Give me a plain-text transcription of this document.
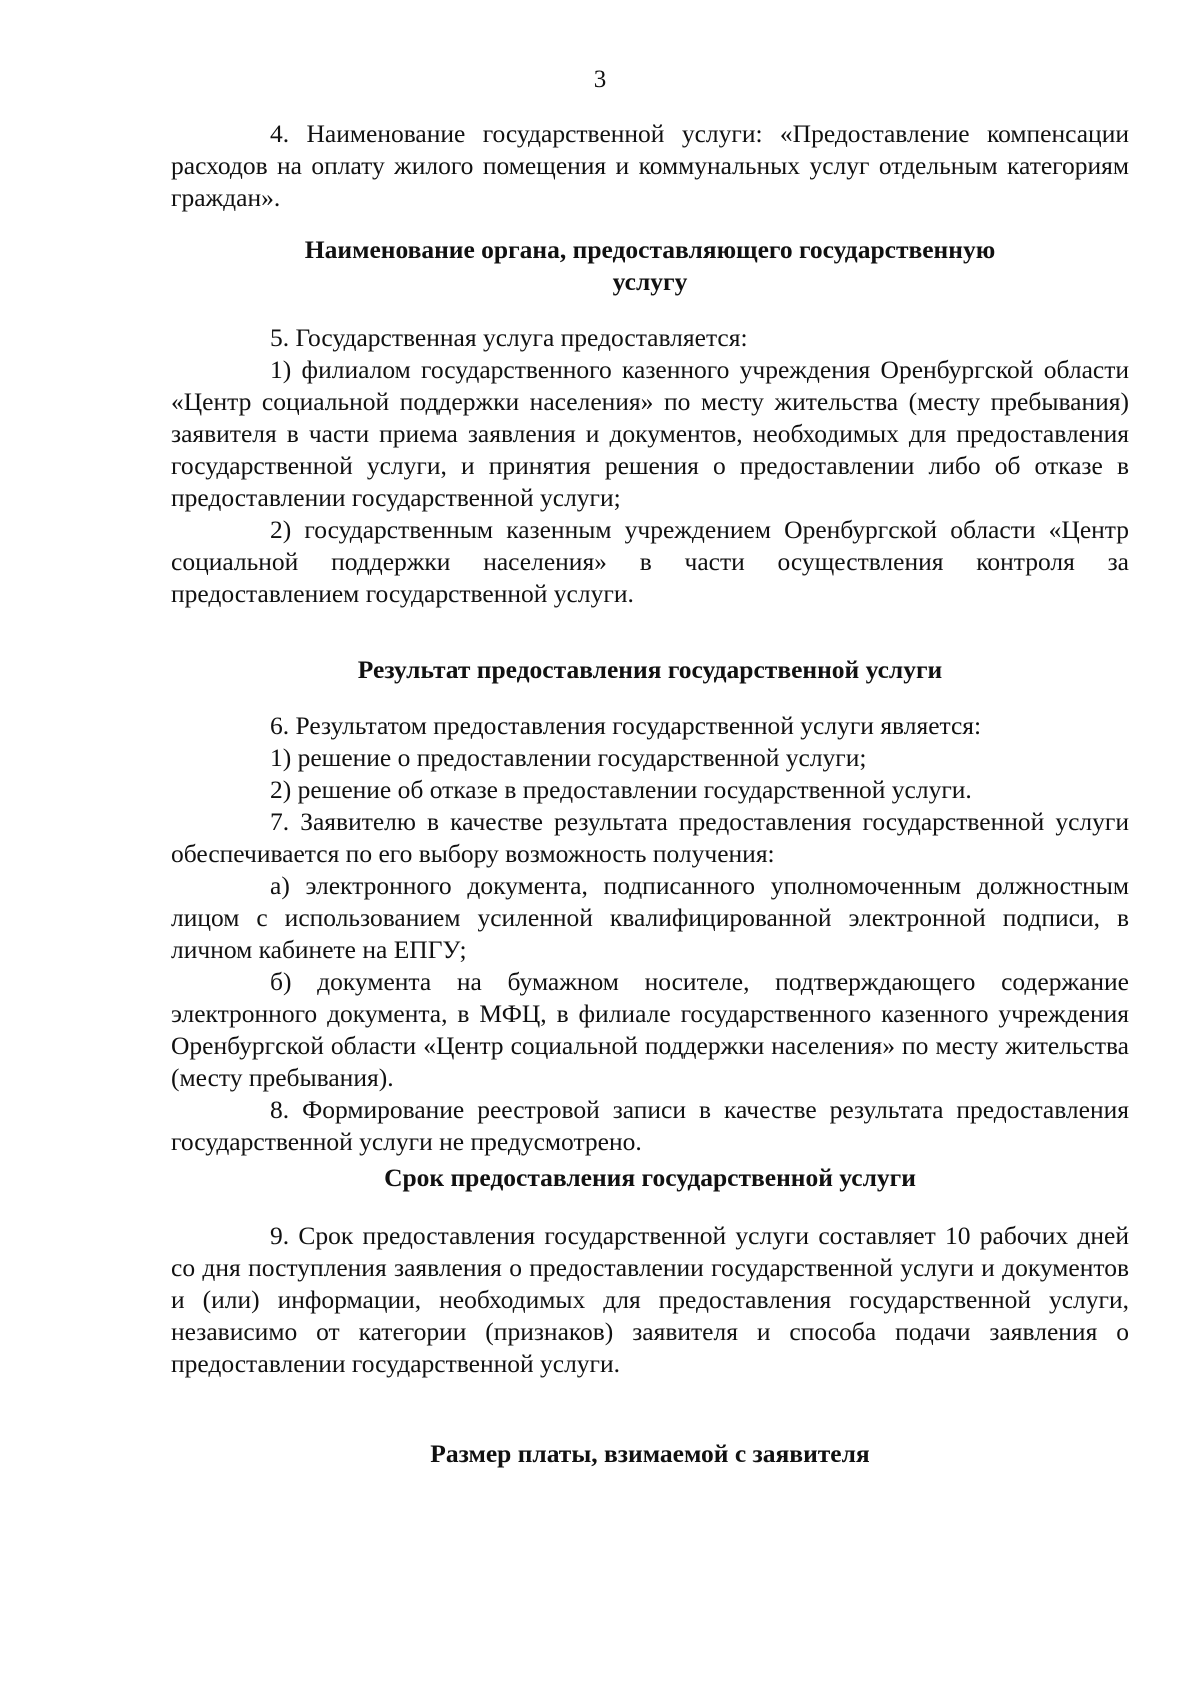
3

4. Наименование государственной услуги: «Предоставление компенсации расходов на оплату жилого помещения и коммунальных услуг отдельным категориям граждан».

Наименование органа, предоставляющего государственную

услугу

5. Государственная услуга предоставляется:

1) филиалом государственного казенного учреждения Оренбургской области «Центр социальной поддержки населения» по месту жительства (месту пребывания) заявителя в части приема заявления и документов, необходимых для предоставления государственной услуги, и принятия решения о предоставлении либо об отказе в предоставлении государственной услуги;

2) государственным казенным учреждением Оренбургской области «Центр социальной поддержки населения» в части осуществления контроля за предоставлением государственной услуги.

Результат предоставления государственной услуги

6. Результатом предоставления государственной услуги является:

1) решение о предоставлении государственной услуги;

2) решение об отказе в предоставлении государственной услуги.

7. Заявителю в качестве результата предоставления государственной услуги обеспечивается по его выбору возможность получения:

а) электронного документа, подписанного уполномоченным должностным лицом с использованием усиленной квалифицированной электронной подписи, в личном кабинете на ЕПГУ;

б) документа на бумажном носителе, подтверждающего содержание электронного документа, в МФЦ, в филиале государственного казенного учреждения Оренбургской области «Центр социальной поддержки населения» по месту жительства (месту пребывания).

8. Формирование реестровой записи в качестве результата предоставления государственной услуги не предусмотрено.

Срок предоставления государственной услуги

9. Срок предоставления государственной услуги составляет 10 рабочих дней со дня поступления заявления о предоставлении государственной услуги и документов и (или) информации, необходимых для предоставления государственной услуги, независимо от категории (признаков) заявителя и способа подачи заявления о предоставлении государственной услуги.

Размер платы, взимаемой с заявителя
